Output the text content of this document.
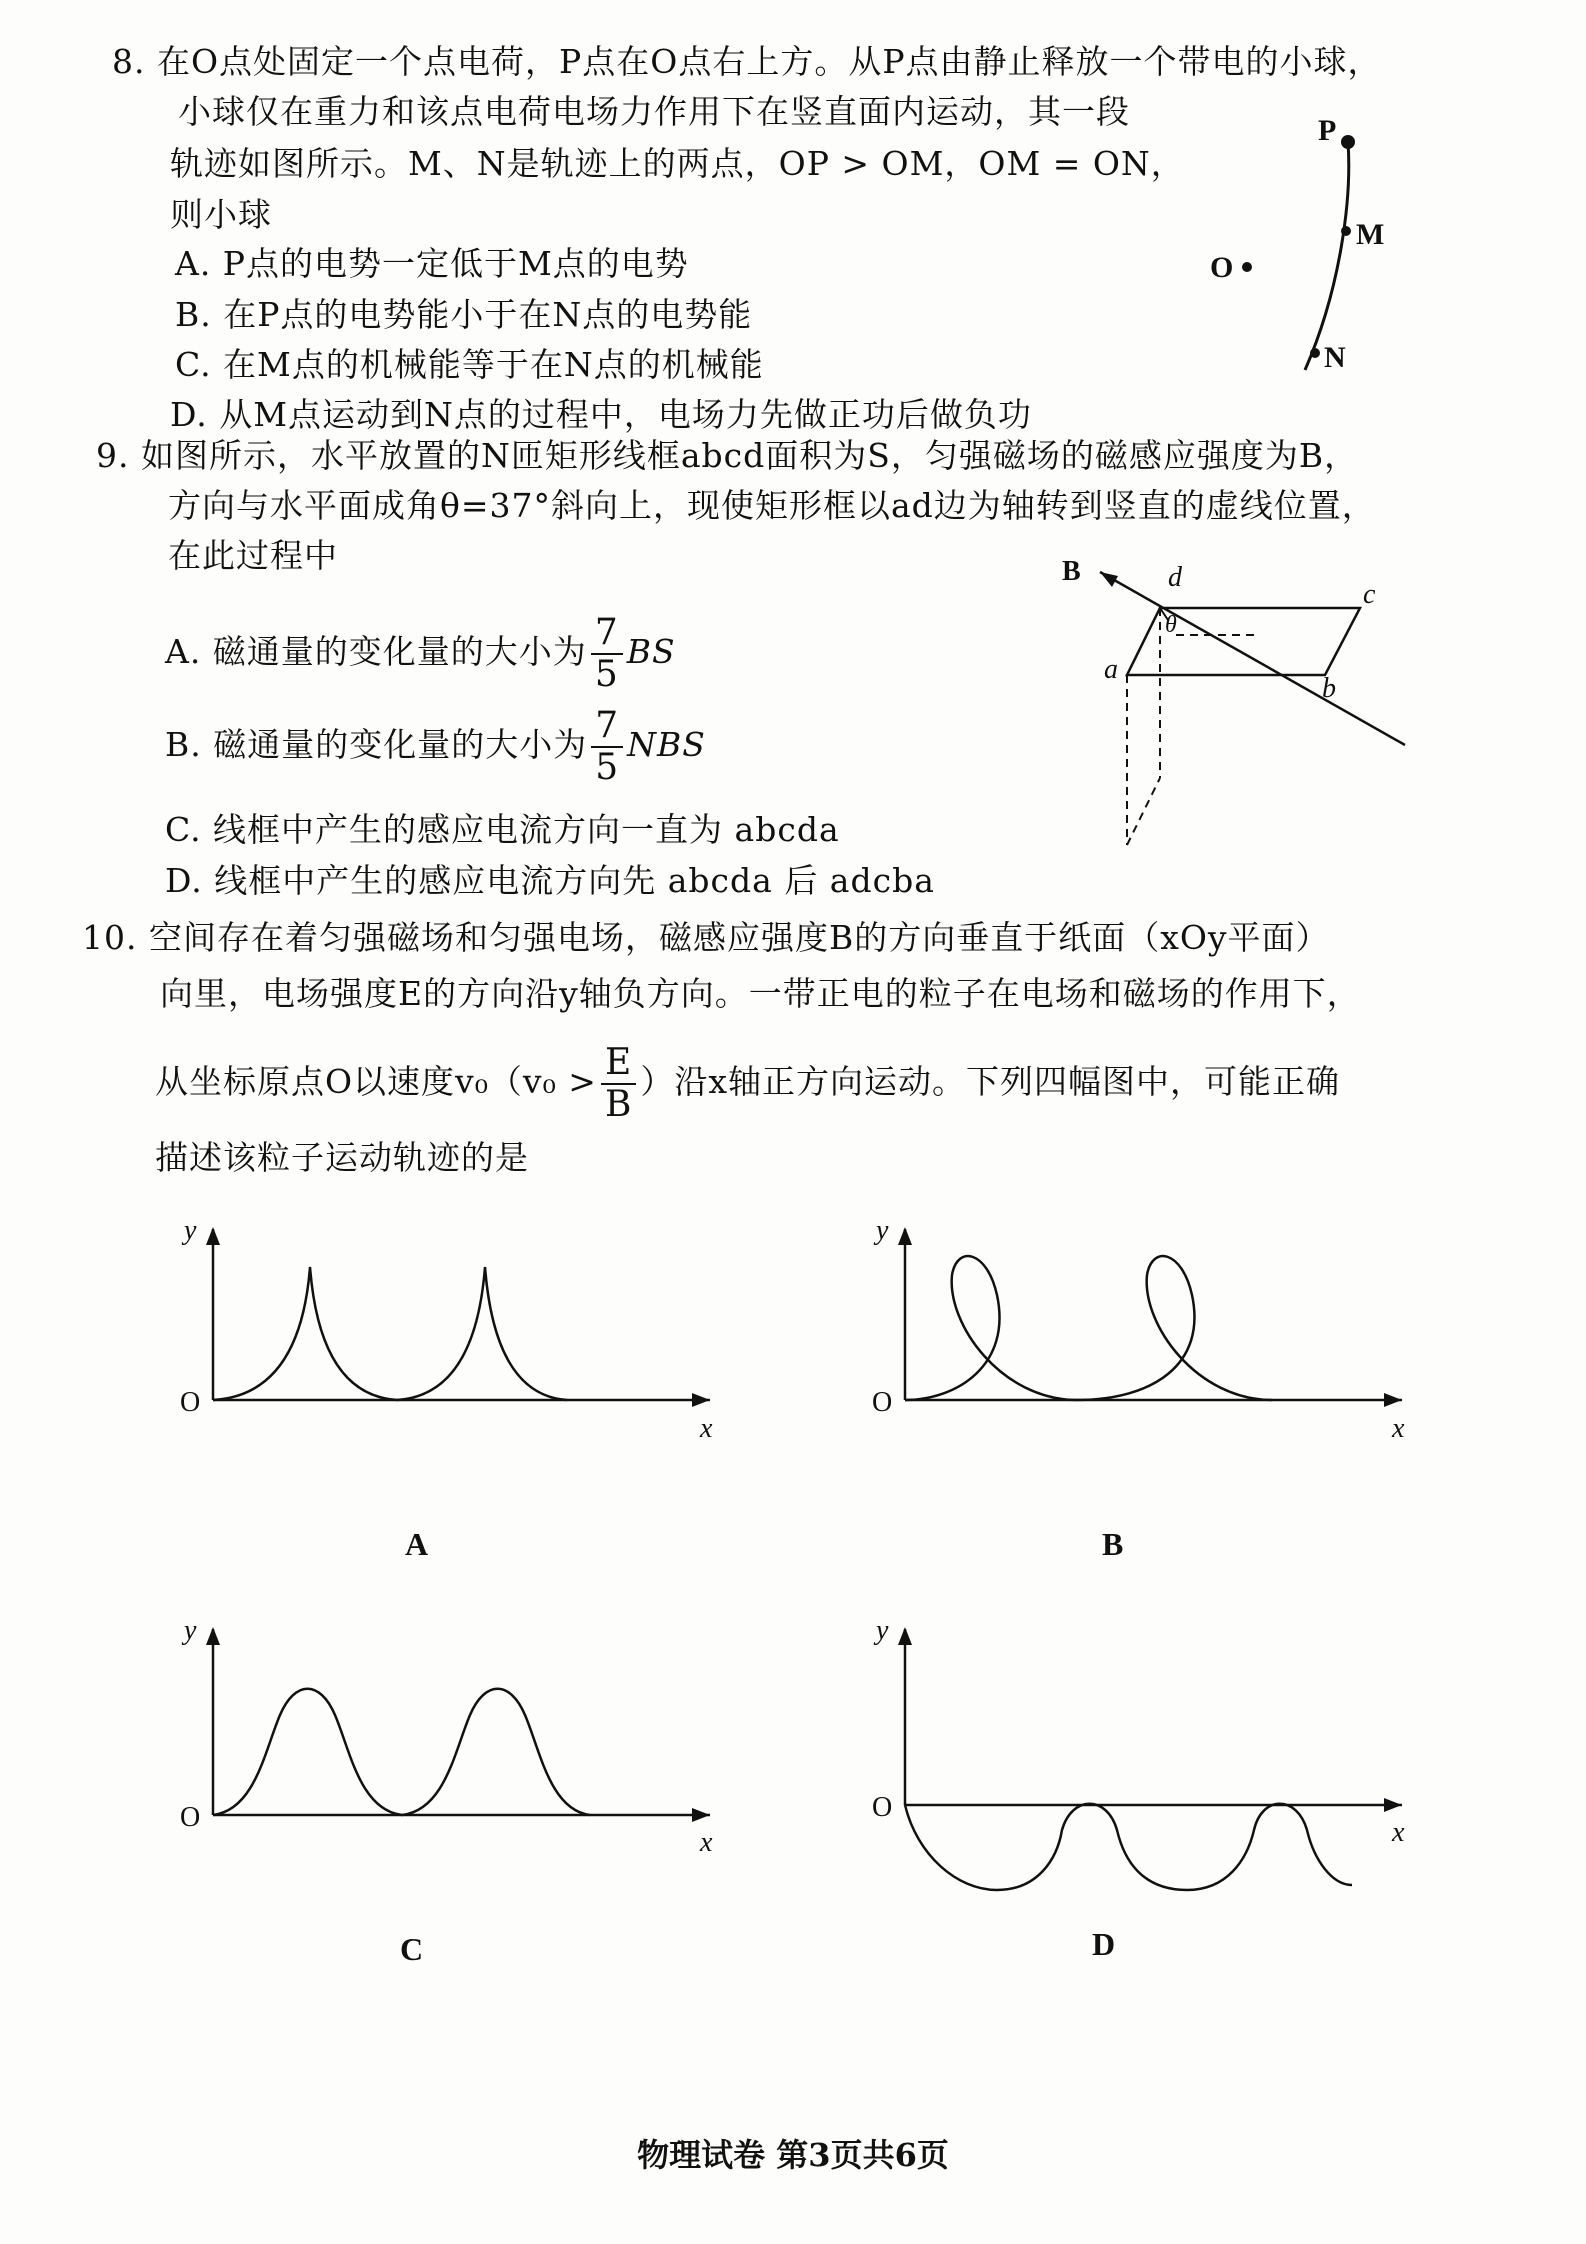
8. 在O点处固定一个点电荷，P点在O点右上方。从P点由静止释放一个带电的小球，
小球仅在重力和该点电荷电场力作用下在竖直面内运动，其一段
轨迹如图所示。M、N是轨迹上的两点，OP > OM，OM = ON，
则小球
A. P点的电势一定低于M点的电势
B. 在P点的电势能小于在N点的电势能
C. 在M点的机械能等于在N点的机械能
D. 从M点运动到N点的过程中，电场力先做正功后做负功
P
M
O
N
9. 如图所示，水平放置的N匝矩形线框abcd面积为S，匀强磁场的磁感应强度为B，
方向与水平面成角θ=37°斜向上，现使矩形框以ad边为轴转到竖直的虚线位置，
在此过程中
A. 磁通量的变化量的大小为 $\frac{7}{5}$ BS
B. 磁通量的变化量的大小为 $\frac{7}{5}$ NBS
C. 线框中产生的感应电流方向一直为 abcda
D. 线框中产生的感应电流方向先 abcda 后 adcba
B	d
c
a
b
θ
10. 空间存在着匀强磁场和匀强电场，磁感应强度B的方向垂直于纸面（xOy平面）
向里，电场强度E的方向沿y轴负方向。一带正电的粒子在电场和磁场的作用下，
从坐标原点O以速度$v_0(v_0 > \frac{E}{B}$ ）沿x轴正方向运动。下列四幅图中，可能正确
描述该粒子运动轨迹的是
y
O
x
A
y
O
x
B
y
O
x
C
y
O
x
D
物理试卷 第3页共6页
